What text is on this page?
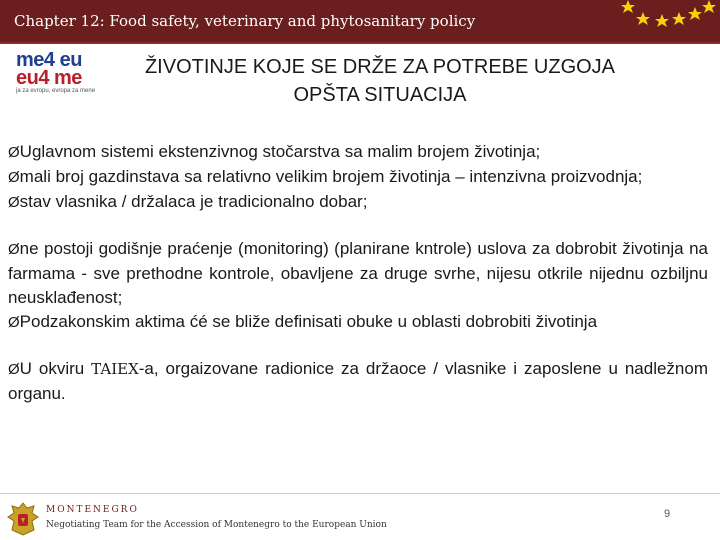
Chapter 12: Food safety, veterinary and phytosanitary policy
me4 eu
eu4 me
ja za evropu, evropa za mene
ŽIVOTINJE KOJE SE DRŽE ZA POTREBE UZGOJA
OPŠTA SITUACIJA

ØUglavnom sistemi ekstenzivnog stočarstva sa malim brojem životinja;

Ømali broj gazdinstava sa relativno velikim brojem životinja – intenzivna proizvodnja;

Østav vlasnika / držalaca je tradicionalno dobar;

Øne postoji godišnje praćenje (monitoring) (planirane kntrole) uslova za dobrobit životinja na farmama - sve prethodne kontrole, obavljene za druge svrhe, nijesu otkrile nijednu ozbiljnu neusklađenost;

ØPodzakonskim aktima ćé se bliže definisati obuke u oblasti dobrobiti životinja

ØU okviru TAIEX-a, orgaizovane radionice za držaoce / vlasnike i zaposlene u nadležnom organu.

MONTENEGRO
Negotiating Team for the Accession of Montenegro to the European Union
9
